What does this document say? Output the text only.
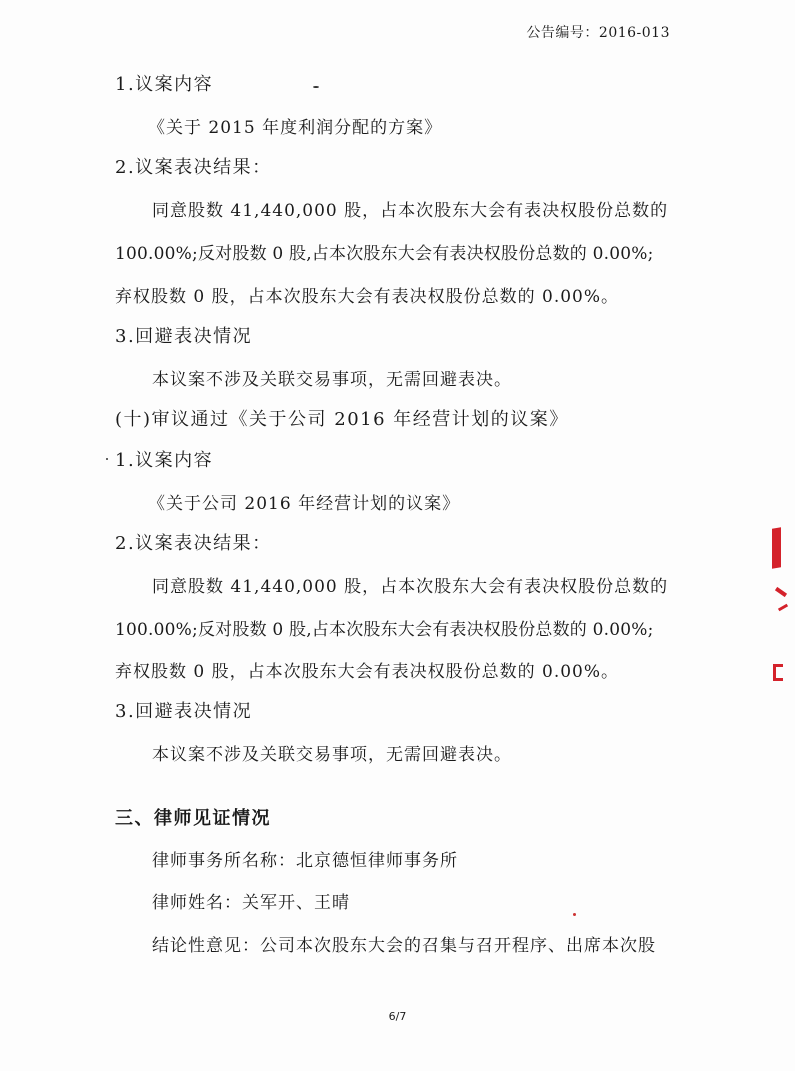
公告编号：2016-013
1.议案内容
《关于 2015 年度利润分配的方案》
2.议案表决结果：
同意股数 41,440,000 股，占本次股东大会有表决权股份总数的
100.00%;反对股数 0 股,占本次股东大会有表决权股份总数的 0.00%;
弃权股数 0 股，占本次股东大会有表决权股份总数的 0.00%。
3.回避表决情况
本议案不涉及关联交易事项，无需回避表决。
(十)审议通过《关于公司 2016 年经营计划的议案》
1.议案内容
《关于公司 2016 年经营计划的议案》
2.议案表决结果：
同意股数 41,440,000 股，占本次股东大会有表决权股份总数的
100.00%;反对股数 0 股,占本次股东大会有表决权股份总数的 0.00%;
弃权股数 0 股，占本次股东大会有表决权股份总数的 0.00%。
3.回避表决情况
本议案不涉及关联交易事项，无需回避表决。
三、律师见证情况
律师事务所名称：北京德恒律师事务所
律师姓名：关军开、王晴
结论性意见：公司本次股东大会的召集与召开程序、出席本次股
6/7
